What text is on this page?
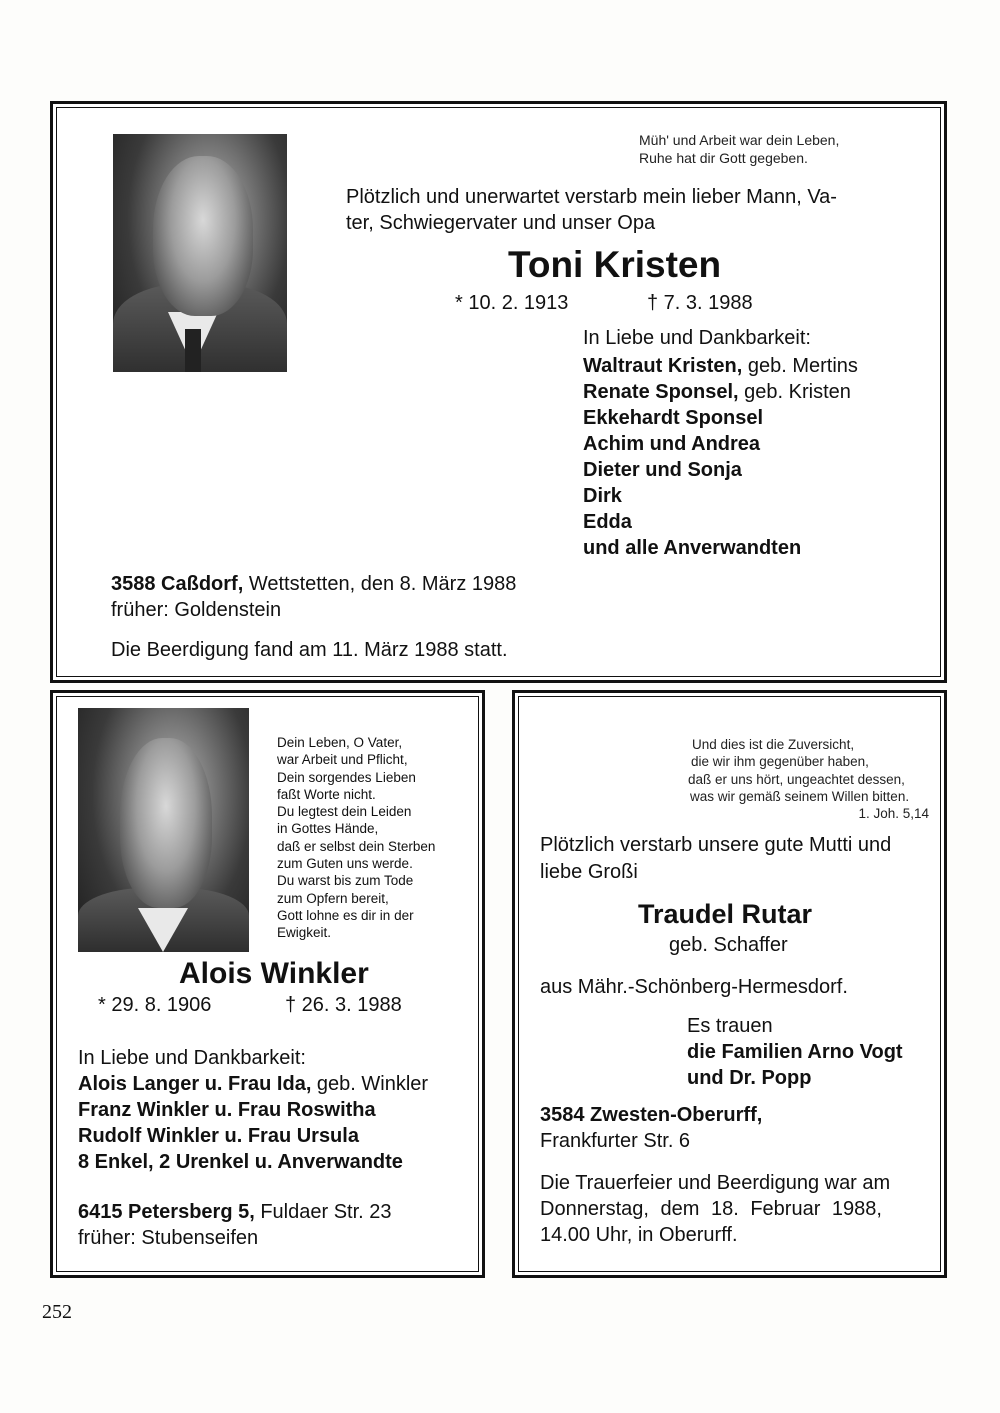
Müh' und Arbeit war dein Leben,
Ruhe hat dir Gott gegeben.
Plötzlich und unerwartet verstarb mein lieber Mann, Va-
ter, Schwiegervater und unser Opa
Toni Kristen
* 10. 2. 1913	† 7. 3. 1988
In Liebe und Dankbarkeit:
Waltraut Kristen, geb. Mertins
Renate Sponsel, geb. Kristen
Ekkehardt Sponsel
Achim und Andrea
Dieter und Sonja
Dirk
Edda
und alle Anverwandten
3588 Caßdorf, Wettstetten, den 8. März 1988
früher: Goldenstein
Die Beerdigung fand am 11. März 1988 statt.
Dein Leben, O Vater,
war Arbeit und Pflicht,
Dein sorgendes Lieben
faßt Worte nicht.
Du legtest dein Leiden
in Gottes Hände,
daß er selbst dein Sterben
zum Guten uns werde.
Du warst bis zum Tode
zum Opfern bereit,
Gott lohne es dir in der
Ewigkeit.
Alois Winkler
* 29. 8. 1906	† 26. 3. 1988
In Liebe und Dankbarkeit:
Alois Langer u. Frau Ida, geb. Winkler
Franz Winkler u. Frau Roswitha
Rudolf Winkler u. Frau Ursula
8 Enkel, 2 Urenkel u. Anverwandte
6415 Petersberg 5, Fuldaer Str. 23
früher: Stubenseifen
Und dies ist die Zuversicht,
die wir ihm gegenüber haben,
daß er uns hört, ungeachtet dessen,
was wir gemäß seinem Willen bitten.
1. Joh. 5,14
Plötzlich verstarb unsere gute Mutti und
liebe Großi
Traudel Rutar
geb. Schaffer
aus Mähr.-Schönberg-Hermesdorf.
Es trauen
die Familien Arno Vogt
und Dr. Popp
3584 Zwesten-Oberurff,
Frankfurter Str. 6
Die Trauerfeier und Beerdigung war am
Donnerstag, dem 18. Februar 1988,
14.00 Uhr, in Oberurff.
252
